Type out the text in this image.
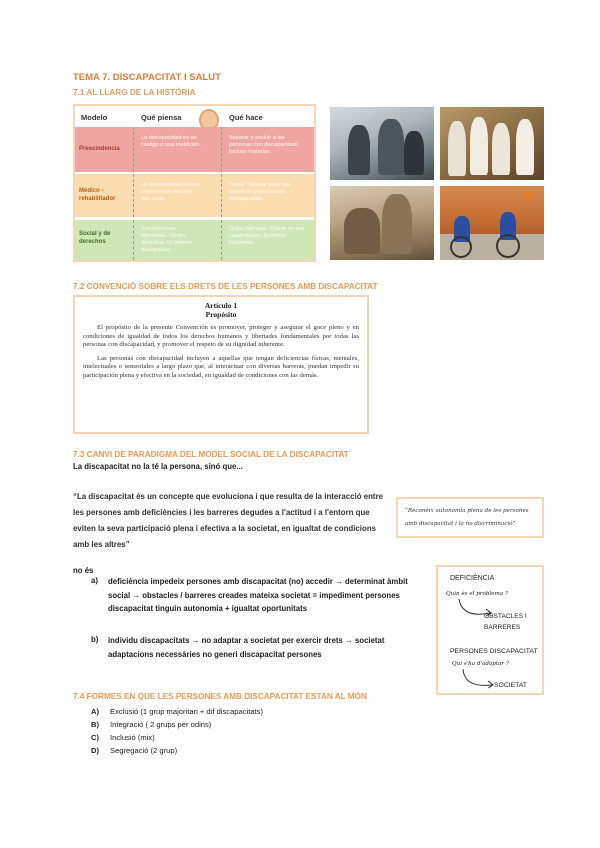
TEMA 7. DISCAPACITAT I SALUT
7.1 AL LLARG DE LA HISTÒRIA
Modelo	Qué piensa	Qué hace
Prescindencia
La discapacidad es un castigo o una maldición.
Separar o excluir a las personas con discapacidad. Incluso matarlas.
Médico - rehabilitador
La discapacidad es una enfermedad que hay que curar.
Tratar. Trabajar para que parezcan personas sin discapacidad.
Social y de derechos
Son personas diferentes. Tienen derechos. El entorno discapacita.
Quitar barreras. Fijarse en sus capacidades. Entornos inclusivos.
7.2 CONVENCIÓ SOBRE ELS DRETS DE LES PERSONES AMB DISCAPACITAT
Artículo 1
Propósito

El propósito de la presente Convención es promover, proteger y asegurar el goce pleno y en condiciones de igualdad de todos los derechos humanos y libertades fundamentales por todas las personas con discapacidad, y promover el respeto de su dignidad inherente.

Las personas con discapacidad incluyen a aquellas que tengan deficiencias físicas, mentales, intelectuales o sensoriales a largo plazo que, al interactuar con diversas barreras, puedan impedir su participación plena y efectiva en la sociedad, en igualdad de condiciones con las demás.

7.3 CANVI DE PARADIGMA DEL MODEL SOCIAL DE LA DISCAPACITAT
La discapacitat no la té la persona, sinó que...
“La discapacitat és un concepte que evoluciona i que resulta de la interacció entre les persones amb deficiències i les barreres degudes a l'actitud i a l'entorn que eviten la seva participació plena i efectiva a la societat, en igualtat de condicions amb les altres”
“Reconèix autonomia plena de les persones amb discapacitat i la no discriminació”
no és
a) deficiència impedeix persones amb discapacitat (no) accedir → determinat àmbit social → obstacles / barreres creades mateixa societat = impediment persones discapacitat tinguin autonomia + igualtat oportunitats
b) individu discapacitats → no adaptar a societat per exercir drets → societat adaptacions necessàries no generi discapacitat persones
DEFICIÈNCIA
Quin és el problema ?
OBSTACLES I BARRERES
PERSONES DISCAPACITAT
Qui s'ha d'adaptar ?
SOCIETAT
7.4 FORMES EN QUE LES PERSONES AMB DISCAPACITAT ESTAN AL MÓN
A) Exclusió (1 grup majoritari + dif discapacitats)
B) Integració ( 2 grups per odins)
C) Inclusió (mix)
D) Segregació (2 grup)
